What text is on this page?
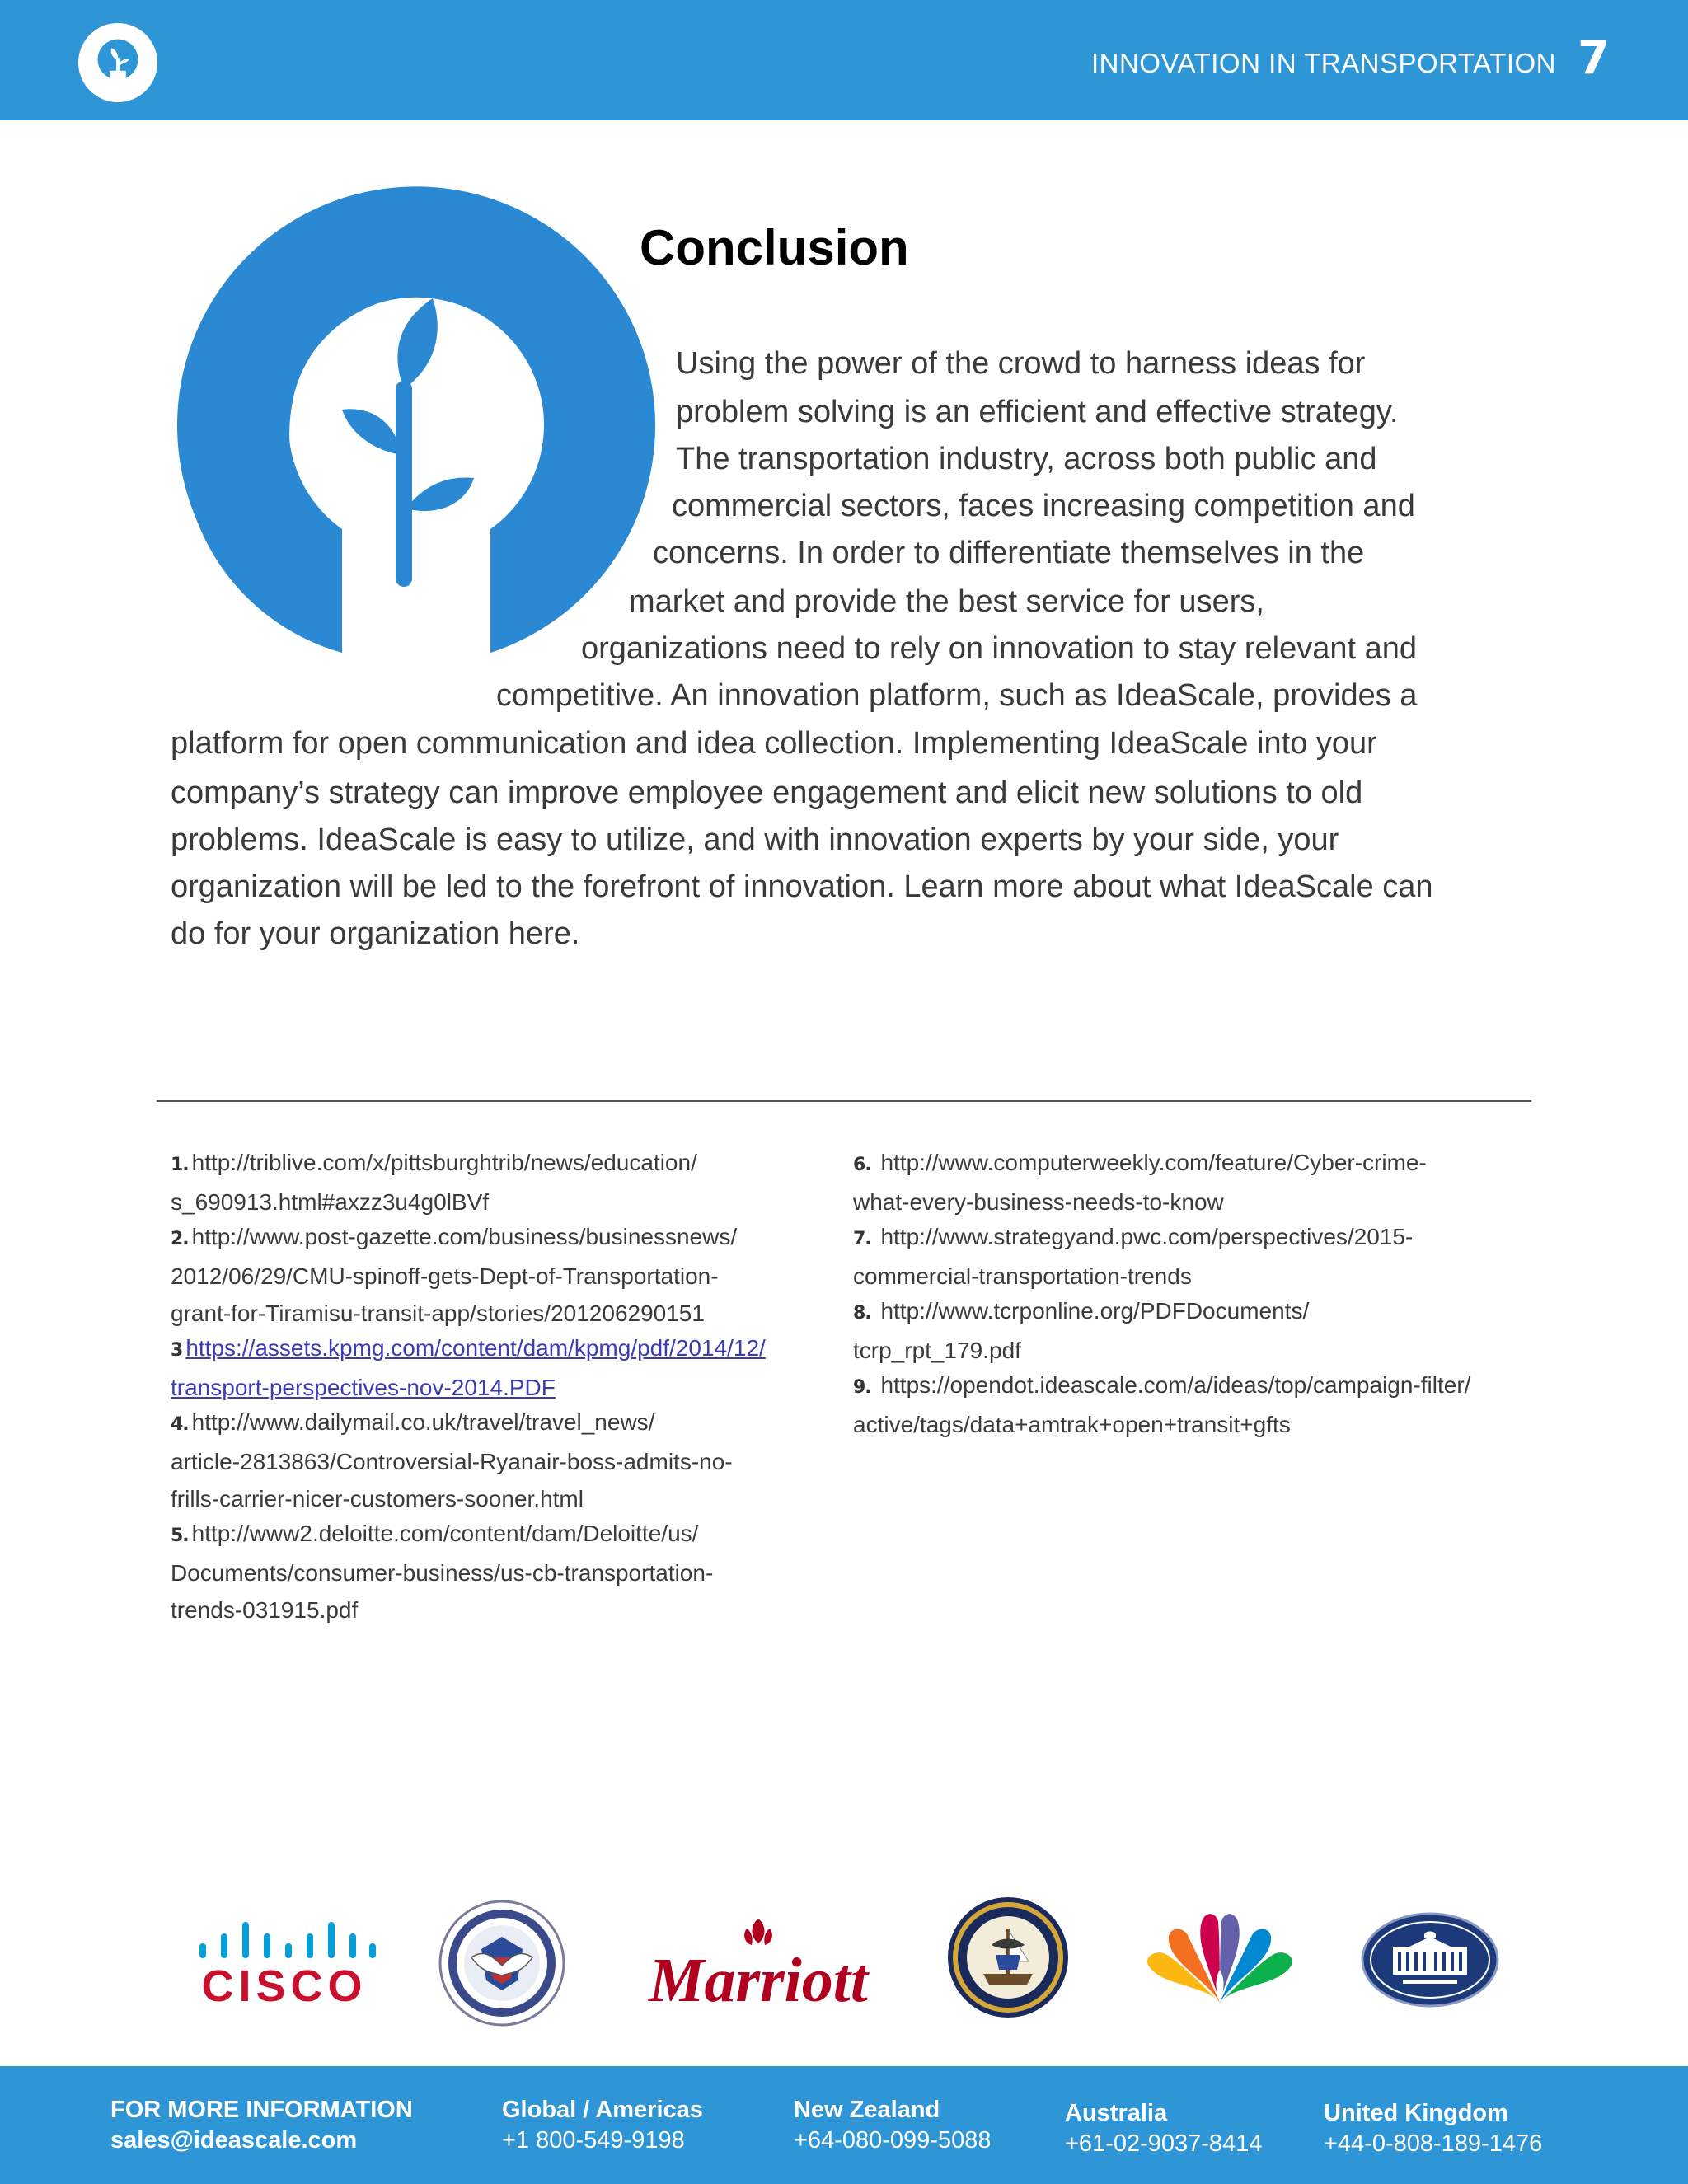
INNOVATION IN TRANSPORTATION 7
Conclusion
Using the power of the crowd to harness ideas for
problem solving is an efficient and effective strategy.
The transportation industry, across both public and
commercial sectors, faces increasing competition and
concerns. In order to differentiate themselves in the
market and provide the best service for users,
organizations need to rely on innovation to stay relevant and
competitive. An innovation platform, such as IdeaScale, provides a
platform for open communication and idea collection. Implementing IdeaScale into your
company’s strategy can improve employee engagement and elicit new solutions to old
problems. IdeaScale is easy to utilize, and with innovation experts by your side, your
organization will be led to the forefront of innovation. Learn more about what IdeaScale can
do for your organization here.
1. http://triblive.com/x/pittsburghtrib/news/education/
s_690913.html#axzz3u4g0lBVf
2. http://www.post-gazette.com/business/businessnews/
2012/06/29/CMU-spinoff-gets-Dept-of-Transportation-
grant-for-Tiramisu-transit-app/stories/201206290151
3 https://assets.kpmg.com/content/dam/kpmg/pdf/2014/12/
transport-perspectives-nov-2014.PDF
4. http://www.dailymail.co.uk/travel/travel_news/
article-2813863/Controversial-Ryanair-boss-admits-no-
frills-carrier-nicer-customers-sooner.html
5. http://www2.deloitte.com/content/dam/Deloitte/us/
Documents/consumer-business/us-cb-transportation-
trends-031915.pdf
6. http://www.computerweekly.com/feature/Cyber-crime-
what-every-business-needs-to-know
7. http://www.strategyand.pwc.com/perspectives/2015-
commercial-transportation-trends
8. http://www.tcrponline.org/PDFDocuments/
tcrp_rpt_179.pdf
9. https://opendot.ideascale.com/a/ideas/top/campaign-filter/
active/tags/data+amtrak+open+transit+gfts
CISCO	Marriott
FOR MORE INFORMATION
sales@ideascale.com
Global / Americas
+1 800-549-9198
New Zealand
+64-080-099-5088
Australia
+61-02-9037-8414
United Kingdom
+44-0-808-189-1476
